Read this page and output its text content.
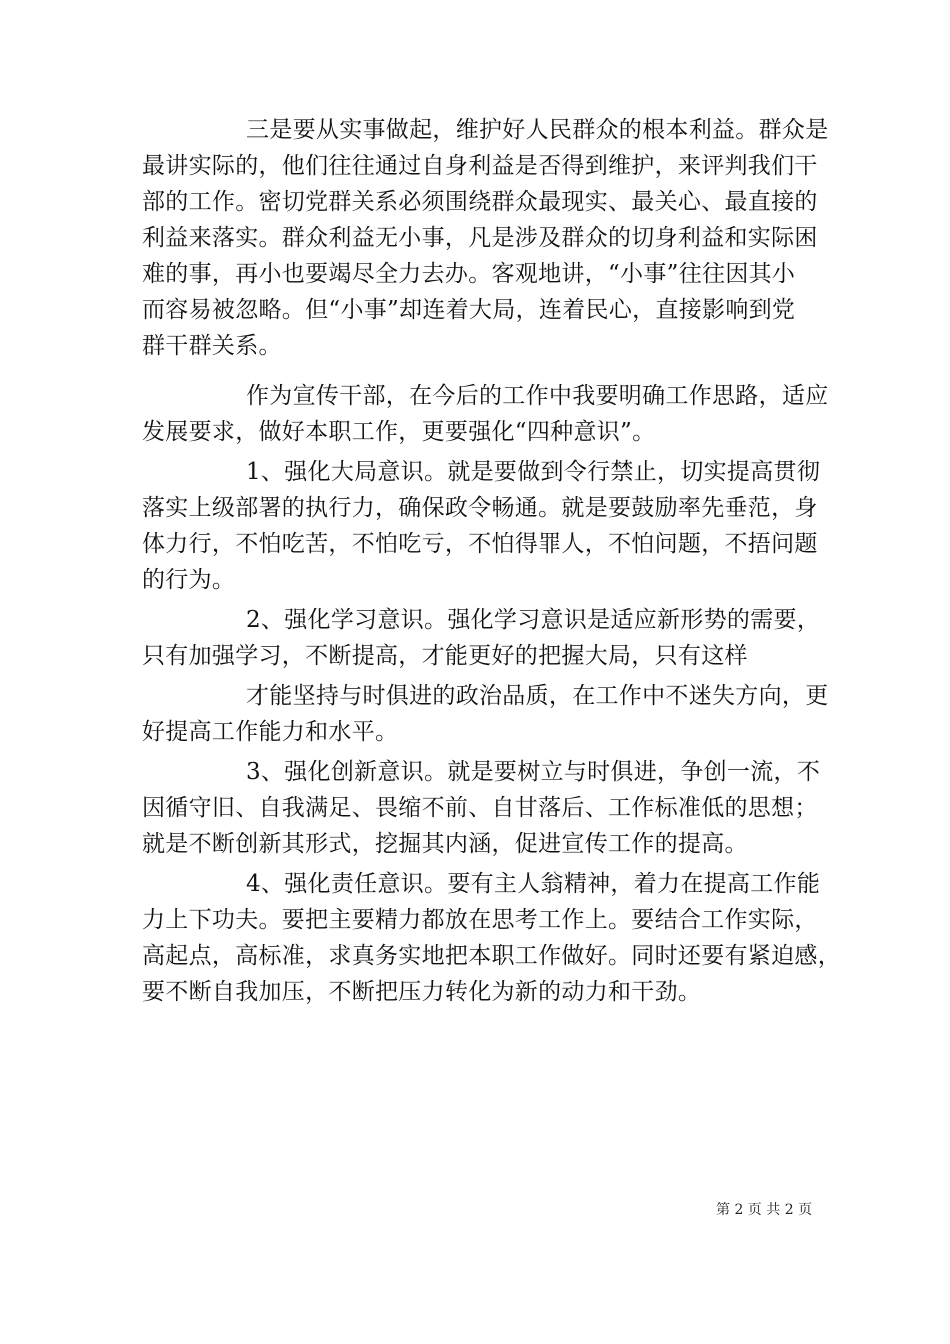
三是要从实事做起，维护好人民群众的根本利益。群众是
最讲实际的，他们往往通过自身利益是否得到维护，来评判我们干
部的工作。密切党群关系必须围绕群众最现实、最关心、最直接的
利益来落实。群众利益无小事，凡是涉及群众的切身利益和实际困
难的事，再小也要竭尽全力去办。客观地讲，“小事”往往因其小
而容易被忽略。但“小事”却连着大局，连着民心，直接影响到党
群干群关系。
作为宣传干部，在今后的工作中我要明确工作思路，适应
发展要求，做好本职工作，更要强化“四种意识”。
1、强化大局意识。就是要做到令行禁止，切实提高贯彻
落实上级部署的执行力，确保政令畅通。就是要鼓励率先垂范，身
体力行，不怕吃苦，不怕吃亏，不怕得罪人，不怕问题，不捂问题
的行为。
2、强化学习意识。强化学习意识是适应新形势的需要，
只有加强学习，不断提高，才能更好的把握大局，只有这样
才能坚持与时俱进的政治品质，在工作中不迷失方向，更
好提高工作能力和水平。
3、强化创新意识。就是要树立与时俱进，争创一流，不
因循守旧、自我满足、畏缩不前、自甘落后、工作标准低的思想；
就是不断创新其形式，挖掘其内涵，促进宣传工作的提高。
4、强化责任意识。要有主人翁精神，着力在提高工作能
力上下功夫。要把主要精力都放在思考工作上。要结合工作实际，
高起点，高标准，求真务实地把本职工作做好。同时还要有紧迫感，
要不断自我加压，不断把压力转化为新的动力和干劲。
第 2 页 共 2 页
